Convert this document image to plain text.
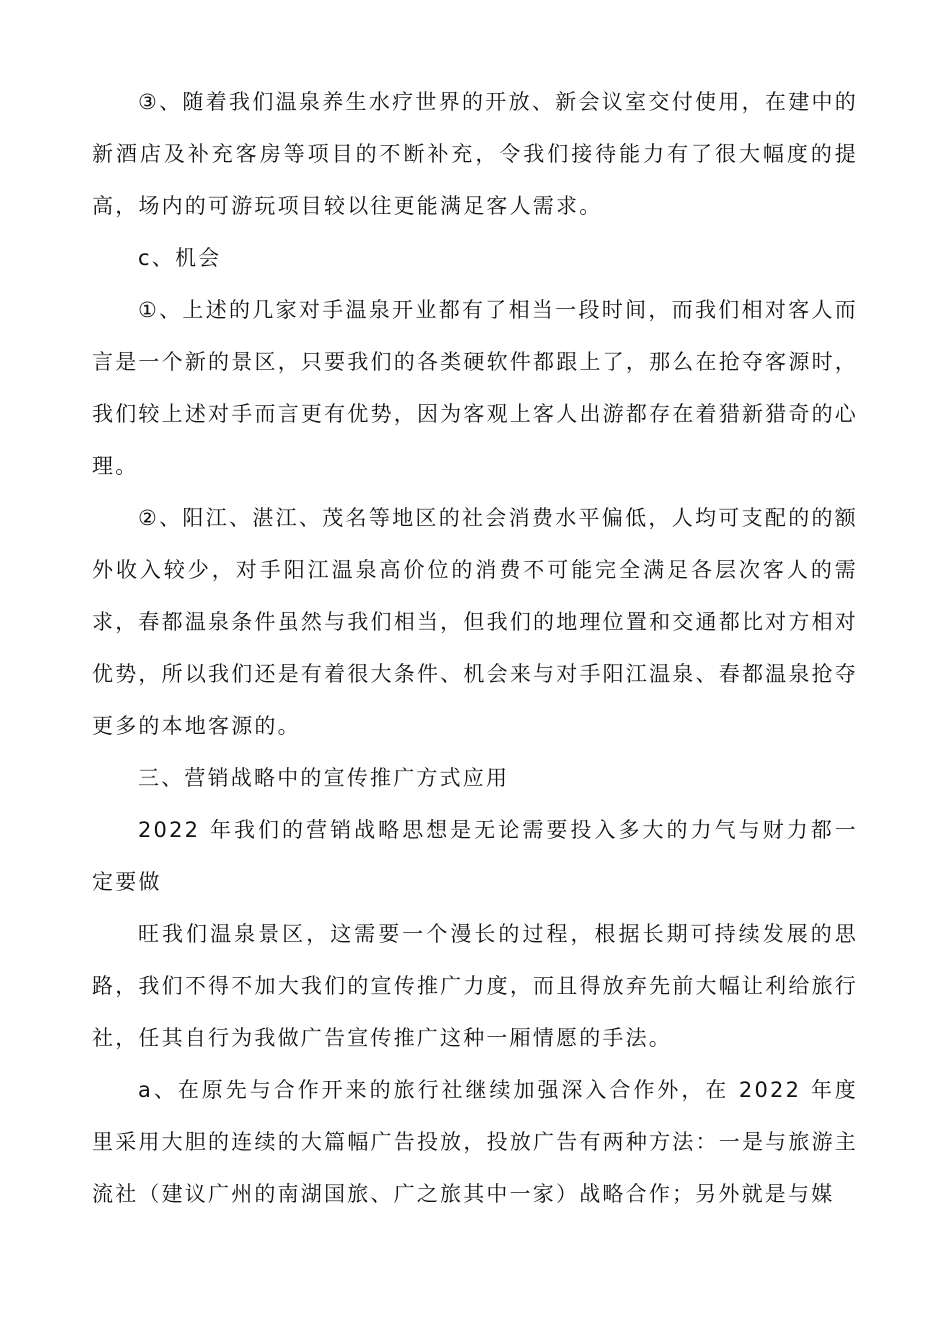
③、随着我们温泉养生水疗世界的开放、新会议室交付使用，在建中的新酒店及补充客房等项目的不断补充，令我们接待能力有了很大幅度的提高，场内的可游玩项目较以往更能满足客人需求。

c、机会

①、上述的几家对手温泉开业都有了相当一段时间，而我们相对客人而言是一个新的景区，只要我们的各类硬软件都跟上了，那么在抢夺客源时，我们较上述对手而言更有优势，因为客观上客人出游都存在着猎新猎奇的心理。

②、阳江、湛江、茂名等地区的社会消费水平偏低，人均可支配的的额外收入较少，对手阳江温泉高价位的消费不可能完全满足各层次客人的需求，春都温泉条件虽然与我们相当，但我们的地理位置和交通都比对方相对优势，所以我们还是有着很大条件、机会来与对手阳江温泉、春都温泉抢夺更多的本地客源的。

三、营销战略中的宣传推广方式应用

2022 年我们的营销战略思想是无论需要投入多大的力气与财力都一定要做

旺我们温泉景区，这需要一个漫长的过程，根据长期可持续发展的思路，我们不得不加大我们的宣传推广力度，而且得放弃先前大幅让利给旅行社，任其自行为我做广告宣传推广这种一厢情愿的手法。

a、在原先与合作开来的旅行社继续加强深入合作外，在 2022 年度里采用大胆的连续的大篇幅广告投放，投放广告有两种方法：一是与旅游主流社（建议广州的南湖国旅、广之旅其中一家）战略合作；另外就是与媒
